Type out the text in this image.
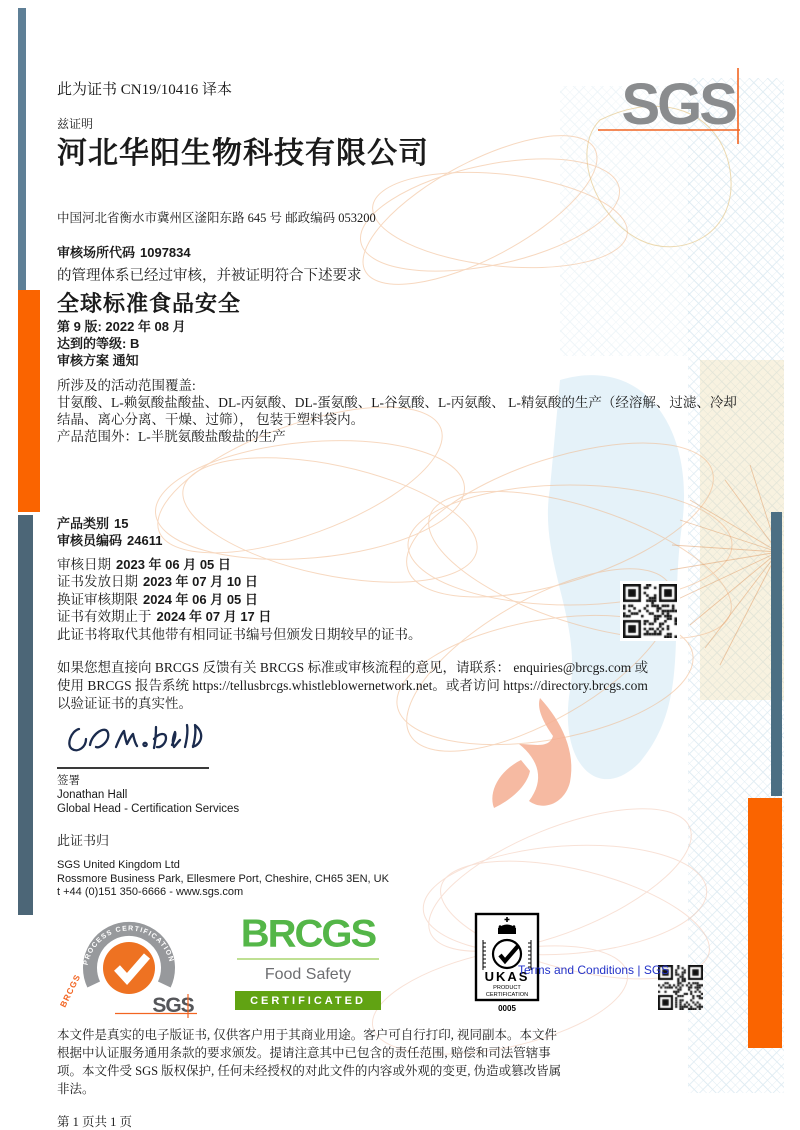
SGS
Terms and Conditions | SGS
此为证书 CN19/10416 译本
兹证明
河北华阳生物科技有限公司
中国河北省衡水市冀州区滏阳东路 645 号 邮政编码 053200
审核场所代码 1097834
的管理体系已经过审核，并被证明符合下述要求
全球标准食品安全
第 9 版: 2022 年 08 月
达到的等级: B
审核方案 通知
所涉及的活动范围覆盖:
甘氨酸、L-赖氨酸盐酸盐、DL-丙氨酸、DL-蛋氨酸、L-谷氨酸、L-丙氨酸、 L-精氨酸的生产（经溶解、过滤、冷却结晶、离心分离、干燥、过筛）， 包装于塑料袋内。
产品范围外：L-半胱氨酸盐酸盐的生产
产品类别 15
审核员编码 24611
审核日期 2023 年 06 月 05 日
证书发放日期 2023 年 07 月 10 日
换证审核期限 2024 年 06 月 05 日
证书有效期止于 2024 年 07 月 17 日
此证书将取代其他带有相同证书编号但颁发日期较早的证书。
如果您想直接向 BRCGS 反馈有关 BRCGS 标准或审核流程的意见，请联系： enquiries@brcgs.com 或使用 BRCGS 报告系统 https://tellusbrcgs.whistleblowernetwork.net。或者访问 https://directory.brcgs.com 以验证证书的真实性。
签署
Jonathan Hall
Global Head - Certification Services
此证书归
SGS United Kingdom Ltd
Rossmore Business Park, Ellesmere Port, Cheshire, CH65 3EN, UK
t +44 (0)151 350-6666 - www.sgs.com
PROCESS CERTIFICATION
BRCGS	SGS
BRCGS
Food Safety
CERTIFICATED
UKAS
PRODUCT
CERTIFICATION
0005
本文件是真实的电子版证书, 仅供客户用于其商业用途。客户可自行打印, 视同副本。本文件根据中认证服务通用条款的要求颁发。提请注意其中已包含的责任范围, 赔偿和司法管辖事项。本文件受 SGS 版权保护, 任何未经授权的对此文件的内容或外观的变更, 伪造或篡改皆属非法。
第 1 页共 1 页
